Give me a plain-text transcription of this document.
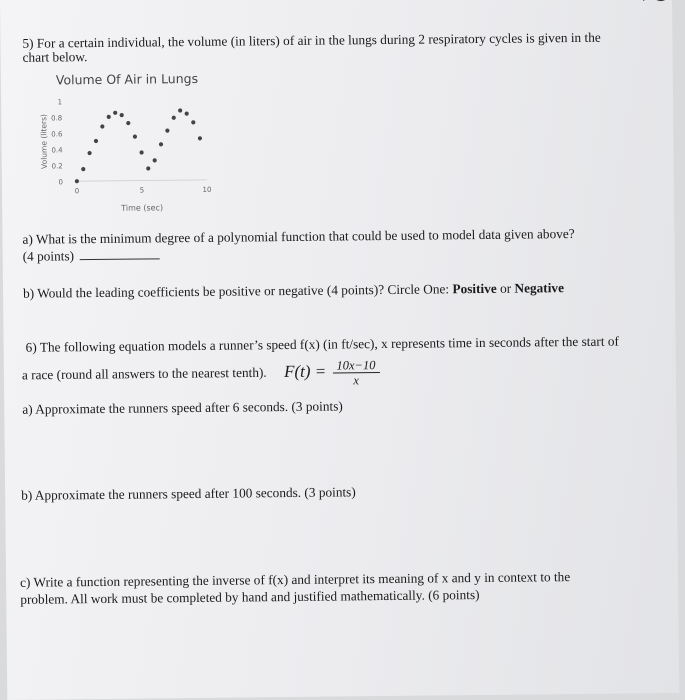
5) For a certain individual, the volume (in liters) of air in the lungs during 2 respiratory cycles is given in the
chart below.
Volume Of Air in Lungs
0
0.2
0.4
0.6
0.8
1
0	5	10
Time (sec)
Volume (liters)
a) What is the minimum degree of a polynomial function that could be used to model data given above?
(4 points)
b) Would the leading coefficients be positive or negative (4 points)? Circle One: Positive or Negative
6) The following equation models a runner’s speed f(x) (in ft/sec), x represents time in seconds after the start of
a race (round all answers to the nearest tenth). $F(t) = \frac{10x-10}{x}$
a) Approximate the runners speed after 6 seconds. (3 points)
b) Approximate the runners speed after 100 seconds. (3 points)
c) Write a function representing the inverse of f(x) and interpret its meaning of x and y in context to the
problem. All work must be completed by hand and justified mathematically. (6 points)
